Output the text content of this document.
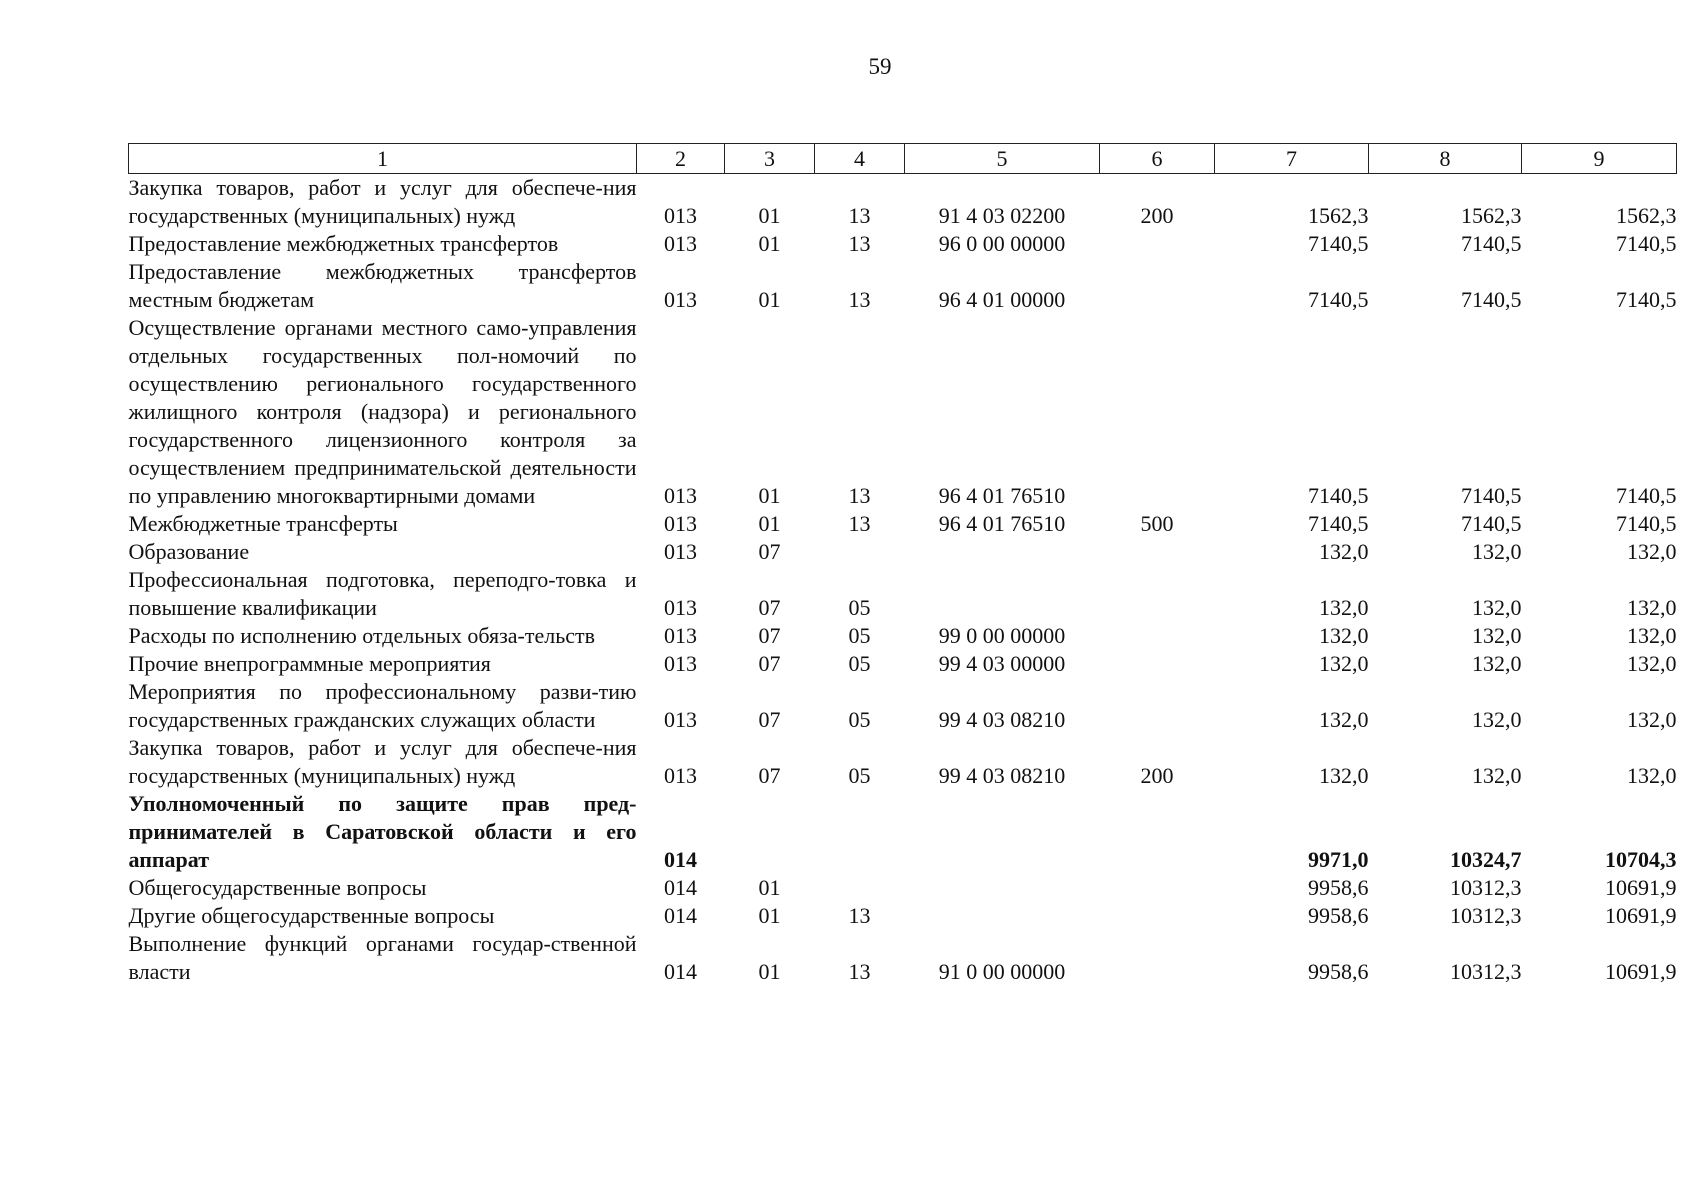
59
1	2	3	4	5	6	7	8	9
Закупка товаров, работ и услуг для обеспече-ния государственных (муниципальных) нужд	013	01	13	91 4 03 02200	200	1562,3	1562,3	1562,3
Предоставление межбюджетных трансфертов	013	01	13	96 0 00 00000		7140,5	7140,5	7140,5
Предоставление межбюджетных трансфертов местным бюджетам	013	01	13	96 4 01 00000		7140,5	7140,5	7140,5
Осуществление органами местного само-управления отдельных государственных пол-номочий по осуществлению регионального государственного жилищного контроля (надзора) и регионального государственного лицензионного контроля за осуществлением предпринимательской деятельности по управлению многоквартирными домами	013	01	13	96 4 01 76510		7140,5	7140,5	7140,5
Межбюджетные трансферты	013	01	13	96 4 01 76510	500	7140,5	7140,5	7140,5
Образование	013	07				132,0	132,0	132,0
Профессиональная подготовка, переподго-товка и повышение квалификации	013	07	05			132,0	132,0	132,0
Расходы по исполнению отдельных обяза-тельств	013	07	05	99 0 00 00000		132,0	132,0	132,0
Прочие внепрограммные мероприятия	013	07	05	99 4 03 00000		132,0	132,0	132,0
Мероприятия по профессиональному разви-тию государственных гражданских служащих области	013	07	05	99 4 03 08210		132,0	132,0	132,0
Закупка товаров, работ и услуг для обеспече-ния государственных (муниципальных) нужд	013	07	05	99 4 03 08210	200	132,0	132,0	132,0
Уполномоченный по защите прав пред-принимателей в Саратовской области и его аппарат	014					9971,0	10324,7	10704,3
Общегосударственные вопросы	014	01				9958,6	10312,3	10691,9
Другие общегосударственные вопросы	014	01	13			9958,6	10312,3	10691,9
Выполнение функций органами государ-ственной власти	014	01	13	91 0 00 00000		9958,6	10312,3	10691,9
